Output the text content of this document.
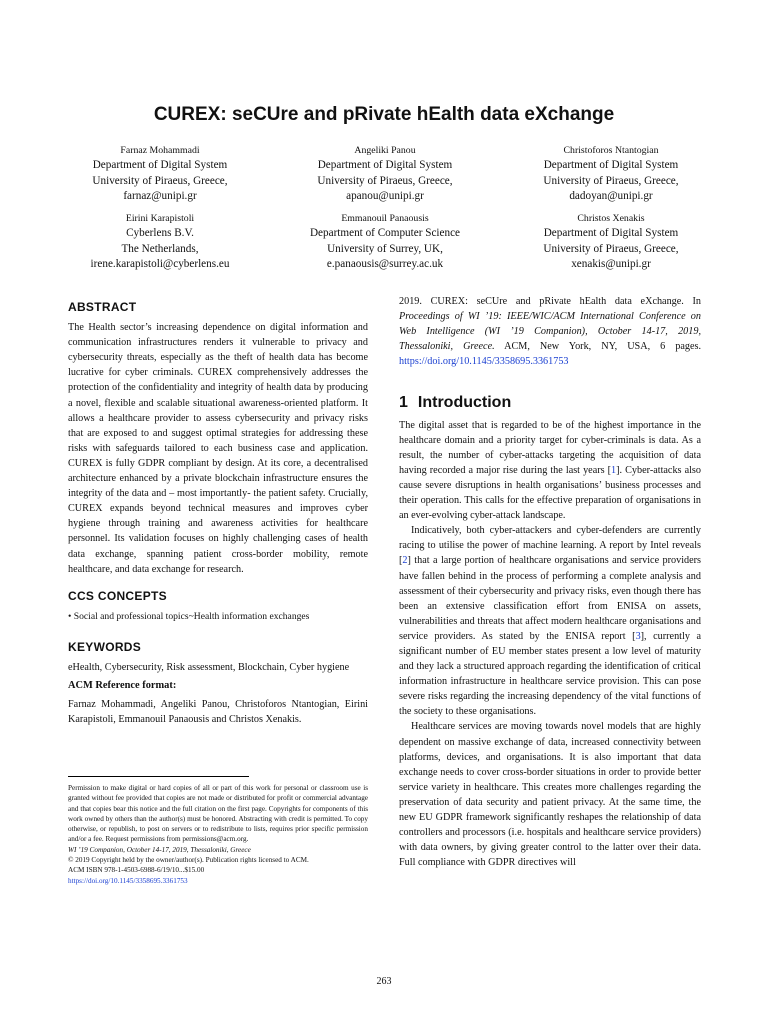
CUREX: seCUre and pRivate hEalth data eXchange
Farnaz Mohammadi
Department of Digital System
University of Piraeus, Greece,
farnaz@unipi.gr
Angeliki Panou
Department of Digital System
University of Piraeus, Greece,
apanou@unipi.gr
Christoforos Ntantogian
Department of Digital System
University of Piraeus, Greece,
dadoyan@unipi.gr
Eirini Karapistoli
Cyberlens B.V.
The Netherlands,
irene.karapistoli@cyberlens.eu
Emmanouil Panaousis
Department of Computer Science
University of Surrey, UK,
e.panaousis@surrey.ac.uk
Christos Xenakis
Department of Digital System
University of Piraeus, Greece,
xenakis@unipi.gr
ABSTRACT

The Health sector’s increasing dependence on digital information and communication infrastructures renders it vulnerable to privacy and cybersecurity threats, especially as the theft of health data has become lucrative for cyber criminals. CUREX comprehensively addresses the protection of the confidentiality and integrity of health data by producing a novel, flexible and scalable situational awareness-oriented platform. It allows a healthcare provider to assess cybersecurity and privacy risks that are exposed to and suggest optimal strategies for addressing these risks with safeguards tailored to each business case and application. CUREX is fully GDPR compliant by design. At its core, a decentralised architecture enhanced by a private blockchain infrastructure ensures the integrity of the data and – most importantly- the patient safety. Crucially, CUREX expands beyond technical measures and improves cyber hygiene through training and awareness activities for healthcare personnel. Its validation focuses on highly challenging cases of health data exchange, spanning patient cross-border mobility, remote healthcare, and data exchange for research.

CCS CONCEPTS

• Social and professional topics~Health information exchanges

KEYWORDS

eHealth, Cybersecurity, Risk assessment, Blockchain, Cyber hygiene

ACM Reference format:

Farnaz Mohammadi, Angeliki Panou, Christoforos Ntantogian, Eirini Karapistoli, Emmanouil Panaousis and Christos Xenakis.

Permission to make digital or hard copies of all or part of this work for personal or classroom use is granted without fee provided that copies are not made or distributed for profit or commercial advantage and that copies bear this notice and the full citation on the first page. Copyrights for components of this work owned by others than the author(s) must be honored. Abstracting with credit is permitted. To copy otherwise, or republish, to post on servers or to redistribute to lists, requires prior specific permission and/or a fee. Request permissions from permissions@acm.org.

WI ’19 Companion, October 14-17, 2019, Thessaloniki, Greece

© 2019 Copyright held by the owner/author(s). Publication rights licensed to ACM.

ACM ISBN 978-1-4503-6988-6/19/10...$15.00

https://doi.org/10.1145/3358695.3361753

2019. CUREX: seCUre and pRivate hEalth data eXchange. In Proceedings of WI ’19: IEEE/WIC/ACM International Conference on Web Intelligence (WI ’19 Companion), October 14-17, 2019, Thessaloniki, Greece. ACM, New York, NY, USA, 6 pages. https://doi.org/10.1145/3358695.3361753

1 Introduction

The digital asset that is regarded to be of the highest importance in the healthcare domain and a priority target for cyber-criminals is data. As a result, the number of cyber-attacks targeting the acquisition of data having recorded a major rise during the last years [1]. Cyber-attacks also cause severe disruptions in health organisations’ business processes and their operation. This calls for the effective preparation of organisations in an ever-evolving cyber-attack landscape.

Indicatively, both cyber-attackers and cyber-defenders are currently racing to utilise the power of machine learning. A report by Intel reveals [2] that a large portion of healthcare organisations and service providers have fallen behind in the process of performing a complete analysis and assessment of their cybersecurity and privacy risks, even though there has been an extensive classification effort from ENISA on assets, vulnerabilities and threats that affect modern healthcare organisations and service providers. As stated by the ENISA report [3], currently a significant number of EU member states present a low level of maturity and they lack a structured approach regarding the identification of critical information infrastructure in healthcare service provision. This can pose severe risks regarding the increasing dependency of the vital functions of the society to these organisations.

Healthcare services are moving towards novel models that are highly dependent on massive exchange of data, increased connectivity between platforms, devices, and organisations. It is also important that data exchange needs to cover cross-border situations in order to provide better service variety in healthcare. This creates more challenges regarding the preservation of data security and patient privacy. At the same time, the new EU GDPR framework significantly reshapes the relationship of data controllers and processors (i.e. hospitals and healthcare service providers) with data owners, by giving greater control to the latter over their data. Full compliance with GDPR directives will

263
